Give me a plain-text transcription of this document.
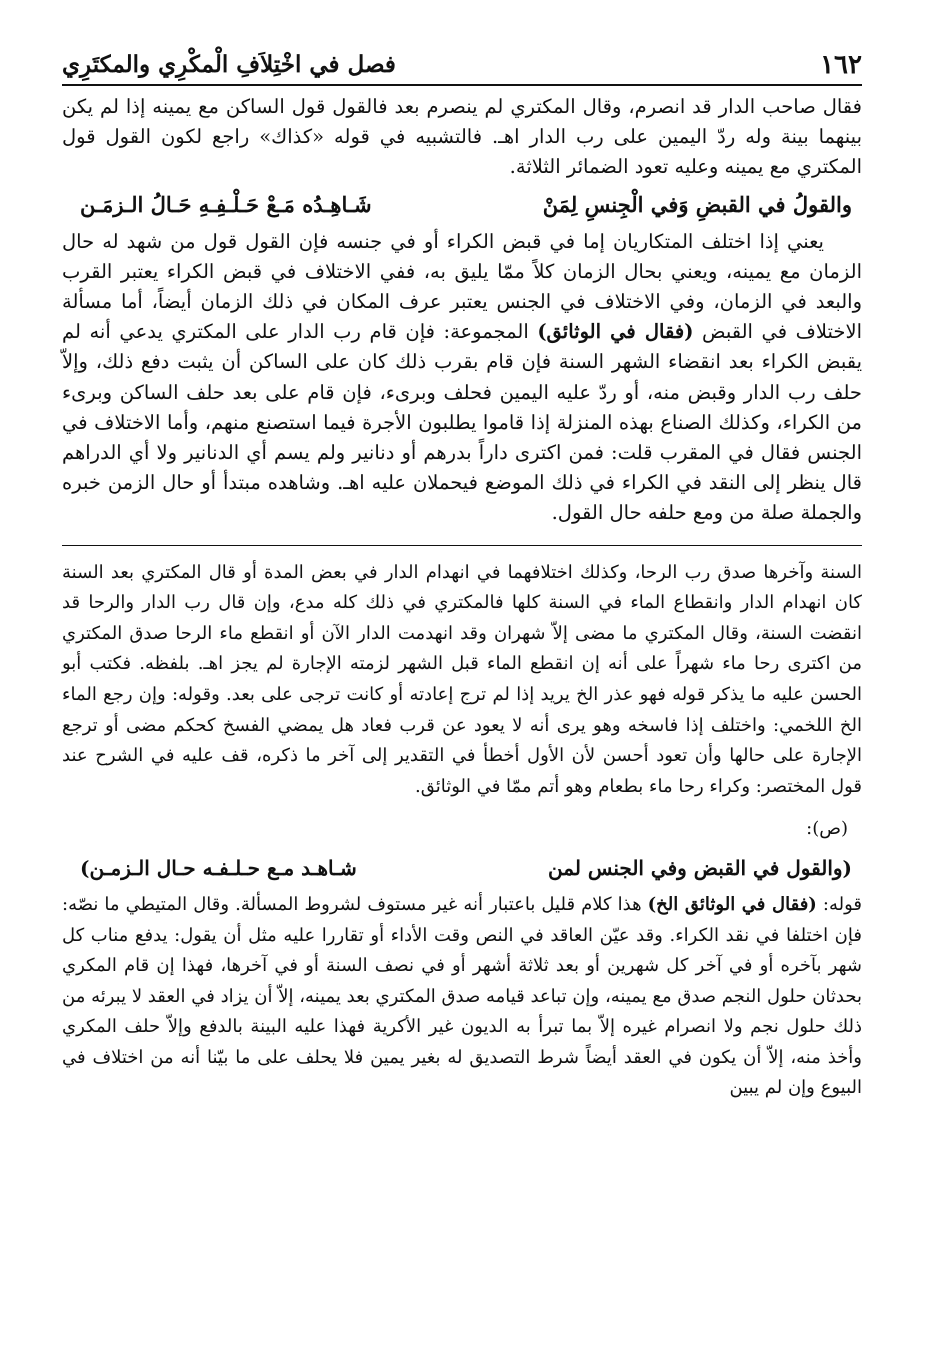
١٦٢
فصل في اخْتِلاَفِ الْمكْرِي والمكتَرِي

فقال صاحب الدار قد انصرم، وقال المكتري لم ينصرم بعد فالقول قول الساكن مع يمينه إذا لم يكن بينهما بينة وله ردّ اليمين على رب الدار اهـ. فالتشبيه في قوله «كذاك» راجع لكون القول قول المكتري مع يمينه وعليه تعود الضمائر الثلاثة.

والقولُ في القبضِ وَفي الْجِنسِ لِمَنْ
شَـاهِـدُه مَـعْ حَـلْـفِـهِ حَـالُ الـزمَـن

يعني إذا اختلف المتكاريان إما في قبض الكراء أو في جنسه فإن القول قول من شهد له حال الزمان مع يمينه، ويعني بحال الزمان كلاً ممّا يليق به، ففي الاختلاف في قبض الكراء يعتبر القرب والبعد في الزمان، وفي الاختلاف في الجنس يعتبر عرف المكان في ذلك الزمان أيضاً، أما مسألة الاختلاف في القبض (فقال في الوثائق) المجموعة: فإن قام رب الدار على المكتري يدعي أنه لم يقبض الكراء بعد انقضاء الشهر السنة فإن قام بقرب ذلك كان على الساكن أن يثبت دفع ذلك، وإلاّ حلف رب الدار وقبض منه، أو ردّ عليه اليمين فحلف وبرىء، فإن قام على بعد حلف الساكن وبرىء من الكراء، وكذلك الصناع بهذه المنزلة إذا قاموا يطلبون الأجرة فيما استصنع منهم، وأما الاختلاف في الجنس فقال في المقرب قلت: فمن اكترى داراً بدرهم أو دنانير ولم يسم أي الدنانير ولا أي الدراهم قال ينظر إلى النقد في الكراء في ذلك الموضع فيحملان عليه اهـ. وشاهده مبتدأ أو حال الزمن خبره والجملة صلة من ومع حلفه حال القول.

السنة وآخرها صدق رب الرحا، وكذلك اختلافهما في انهدام الدار في بعض المدة أو قال المكتري بعد السنة كان انهدام الدار وانقطاع الماء في السنة كلها فالمكتري في ذلك كله مدع، وإن قال رب الدار والرحا قد انقضت السنة، وقال المكتري ما مضى إلاّ شهران وقد انهدمت الدار الآن أو انقطع ماء الرحا صدق المكتري من اكترى رحا ماء شهراً على أنه إن انقطع الماء قبل الشهر لزمته الإجارة لم يجز اهـ. بلفظه. فكتب أبو الحسن عليه ما يذكر قوله فهو عذر الخ يريد إذا لم ترج إعادته أو كانت ترجى على بعد. وقوله: وإن رجع الماء الخ اللخمي: واختلف إذا فاسخه وهو يرى أنه لا يعود عن قرب فعاد هل يمضي الفسخ كحكم مضى أو ترجع الإجارة على حالها وأن تعود أحسن لأن الأول أخطأ في التقدير إلى آخر ما ذكره، قف عليه في الشرح عند قول المختصر: وكراء رحا ماء بطعام وهو أتم ممّا في الوثائق.

(ص):
(والقول في القبض وفي الجنس لمن
شـاهـد مـع حـلـفـه حـال الـزمـن)

قوله: (فقال في الوثائق الخ) هذا كلام قليل باعتبار أنه غير مستوف لشروط المسألة. وقال المتيطي ما نصّه: فإن اختلفا في نقد الكراء. وقد عيّن العاقد في النص وقت الأداء أو تقاررا عليه مثل أن يقول: يدفع مناب كل شهر بآخره أو في آخر كل شهرين أو بعد ثلاثة أشهر أو في نصف السنة أو في آخرها، فهذا إن قام المكري بحدثان حلول النجم صدق مع يمينه، وإن تباعد قيامه صدق المكتري بعد يمينه، إلاّ أن يزاد في العقد لا يبرئه من ذلك حلول نجم ولا انصرام غيره إلاّ بما تبرأ به الديون غير الأكرية فهذا عليه البينة بالدفع وإلاّ حلف المكري وأخذ منه، إلاّ أن يكون في العقد أيضاً شرط التصديق له بغير يمين فلا يحلف على ما بيّنا أنه من اختلاف في البيوع وإن لم يبين
